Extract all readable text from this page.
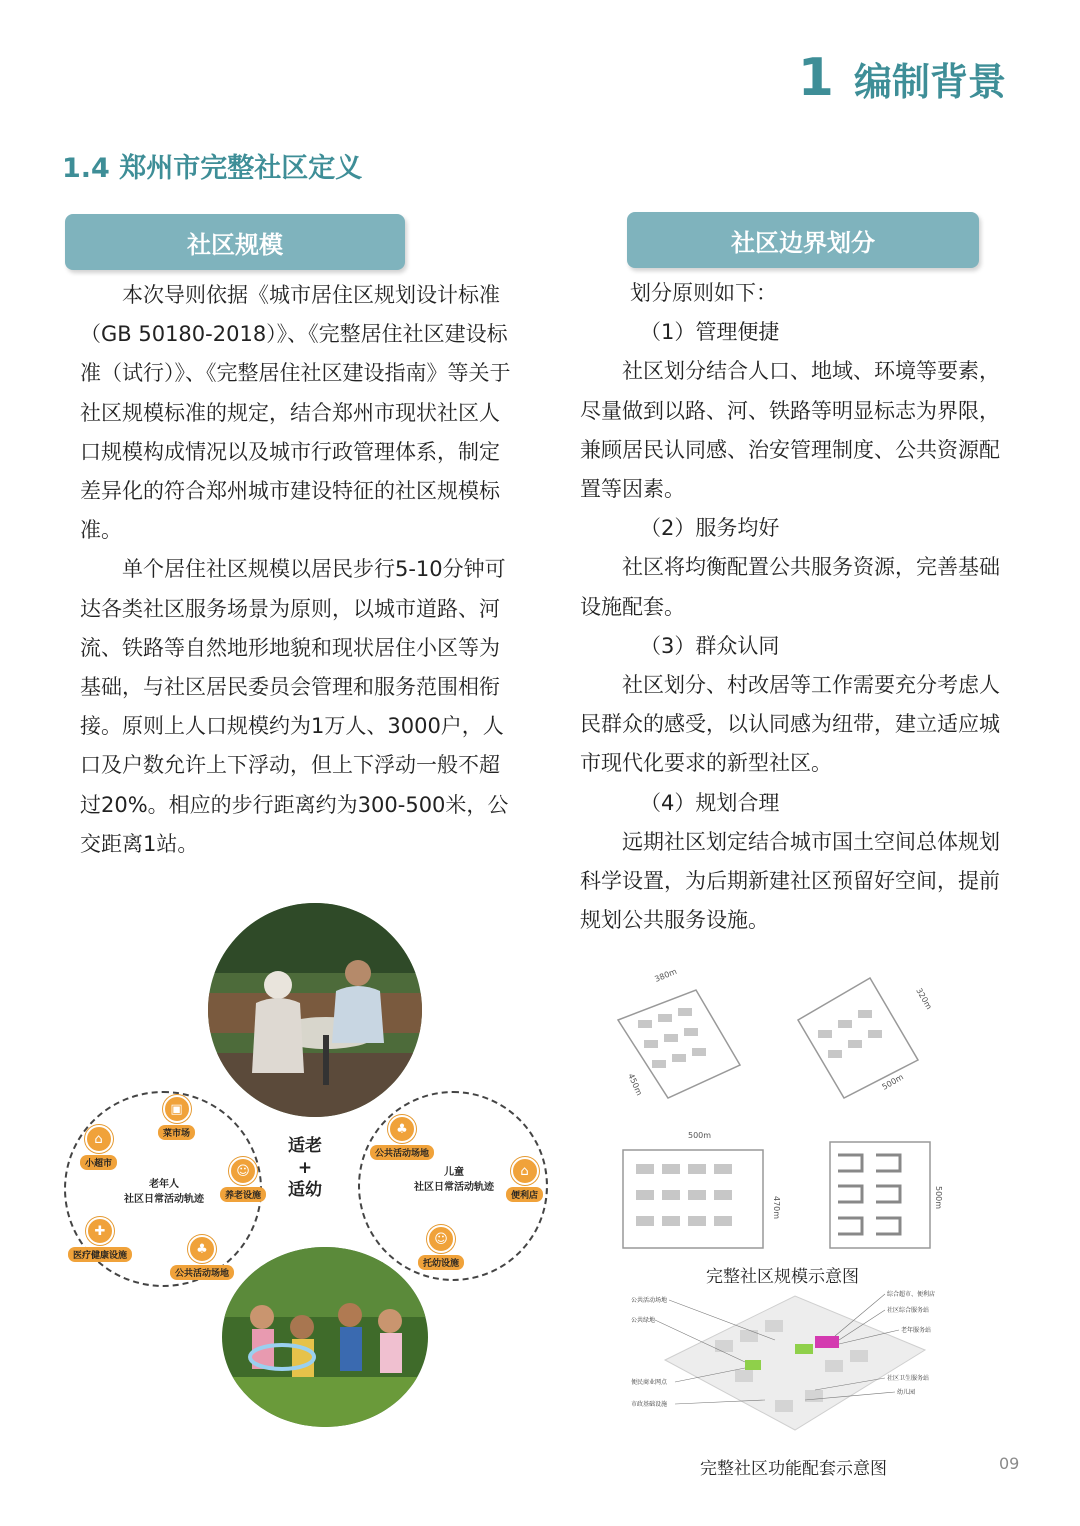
1 编制背景
1.4 郑州市完整社区定义
社区规模

本次导则依据《城市居住区规划设计标准（GB 50180-2018）》、《完整居住社区建设标准（试行）》、《完整居住社区建设指南》等关于社区规模标准的规定，结合郑州市现状社区人口规模构成情况以及城市行政管理体系，制定差异化的符合郑州城市建设特征的社区规模标准。

单个居住社区规模以居民步行5-10分钟可达各类社区服务场景为原则，以城市道路、河流、铁路等自然地形地貌和现状居住小区等为基础，与社区居民委员会管理和服务范围相衔接。原则上人口规模约为1万人、3000户，人口及户数允许上下浮动，但上下浮动一般不超过20%。相应的步行距离约为300-500米，公交距离1站。

社区边界划分

划分原则如下：

（1）管理便捷

社区划分结合人口、地域、环境等要素，尽量做到以路、河、铁路等明显标志为界限，兼顾居民认同感、治安管理制度、公共资源配置等因素。

（2）服务均好

社区将均衡配置公共服务资源，完善基础设施配套。

（3）群众认同

社区划分、村改居等工作需要充分考虑人民群众的感受，以认同感为纽带，建立适应城市现代化要求的新型社区。

（4）规划合理

远期社区划定结合城市国土空间总体规划科学设置，为后期新建社区预留好空间，提前规划公共服务设施。

老年人
社区日常活动轨迹
儿童
社区日常活动轨迹
适老
+
适幼
▣
菜市场
⌂
小超市	☺
养老设施
✚
医疗健康设施	♣
公共活动场地
♣
公共活动场地
⌂
便利店
☺
托幼设施
380m
450m
320m
500m
500m
470m	500m
完整社区规模示意图
公共活动场地
公共绿地
便民商业网点
市政基础设施
综合超市、便利店
社区综合服务站
老年服务站
社区卫生服务站
幼儿园
完整社区功能配套示意图	09
